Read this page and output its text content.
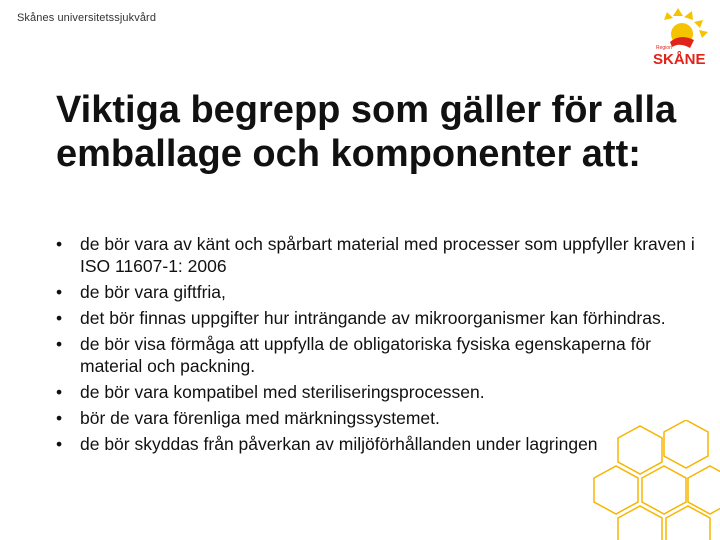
Skånes universitetssjukvård
Region
SKÅNE
Viktiga begrepp som gäller för alla emballage och komponenter att:
• de bör vara av känt och spårbart material med processer som uppfyller kraven i ISO 11607-1: 2006
• de bör vara giftfria,
• det bör finnas uppgifter hur inträngande av mikroorganismer kan förhindras.
• de bör visa förmåga att uppfylla de obligatoriska fysiska egenskaperna för material och packning.
• de bör vara kompatibel med steriliseringsprocessen.
• bör de vara förenliga med märkningssystemet.
• de bör skyddas från påverkan av miljöförhållanden under lagringen
